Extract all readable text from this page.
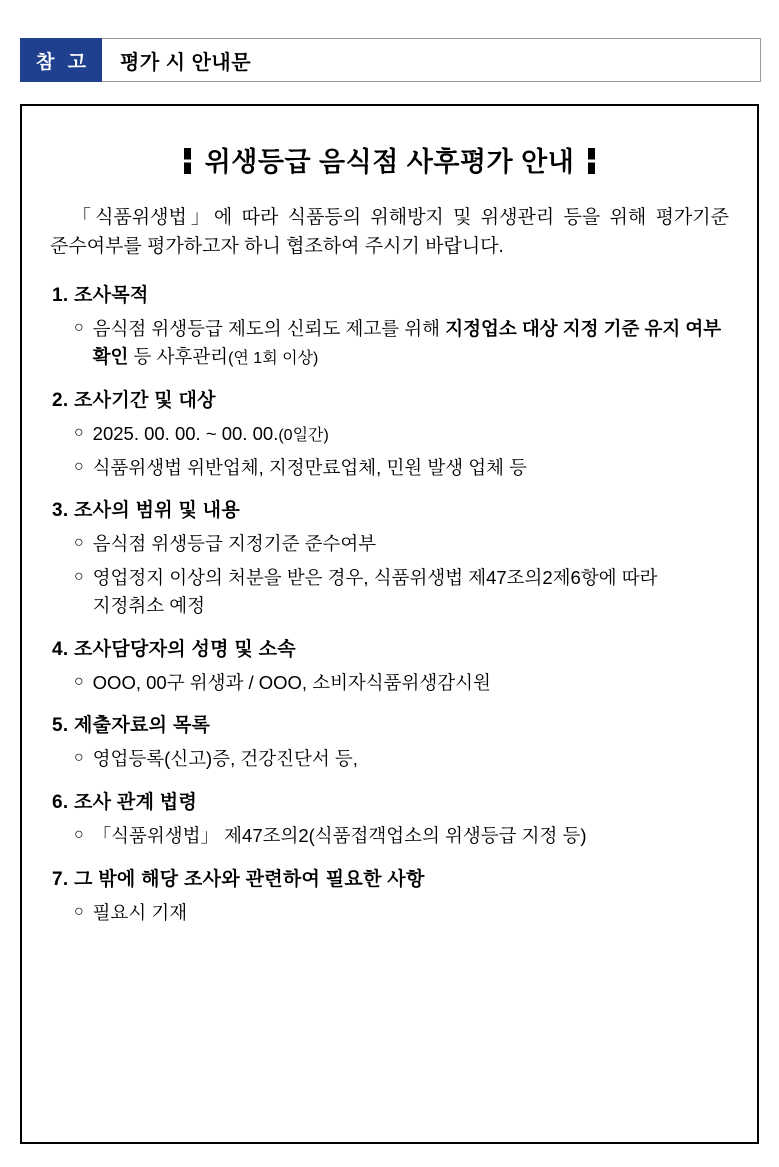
참 고	평가 시 안내문
위생등급 음식점 사후평가 안내

「식품위생법」에 따라 식품등의 위해방지 및 위생관리 등을 위해 평가기준 준수여부를 평가하고자 하니 협조하여 주시기 바랍니다.

1. 조사목적
○ 음식점 위생등급 제도의 신뢰도 제고를 위해 지정업소 대상 지정 기준 유지 여부 확인 등 사후관리(연 1회 이상)
2. 조사기간 및 대상
○ 2025. 00. 00. ~ 00. 00.(0일간)
○ 식품위생법 위반업체, 지정만료업체, 민원 발생 업체 등
3. 조사의 범위 및 내용
○ 음식점 위생등급 지정기준 준수여부
○ 영업정지 이상의 처분을 받은 경우, 식품위생법 제47조의2제6항에 따라 지정취소 예정
4. 조사담당자의 성명 및 소속
○ OOO, 00구 위생과 / OOO, 소비자식품위생감시원
5. 제출자료의 목록
○ 영업등록(신고)증, 건강진단서 등,
6. 조사 관계 법령
○ 「식품위생법」 제47조의2(식품접객업소의 위생등급 지정 등)
7. 그 밖에 해당 조사와 관련하여 필요한 사항
○ 필요시 기재
